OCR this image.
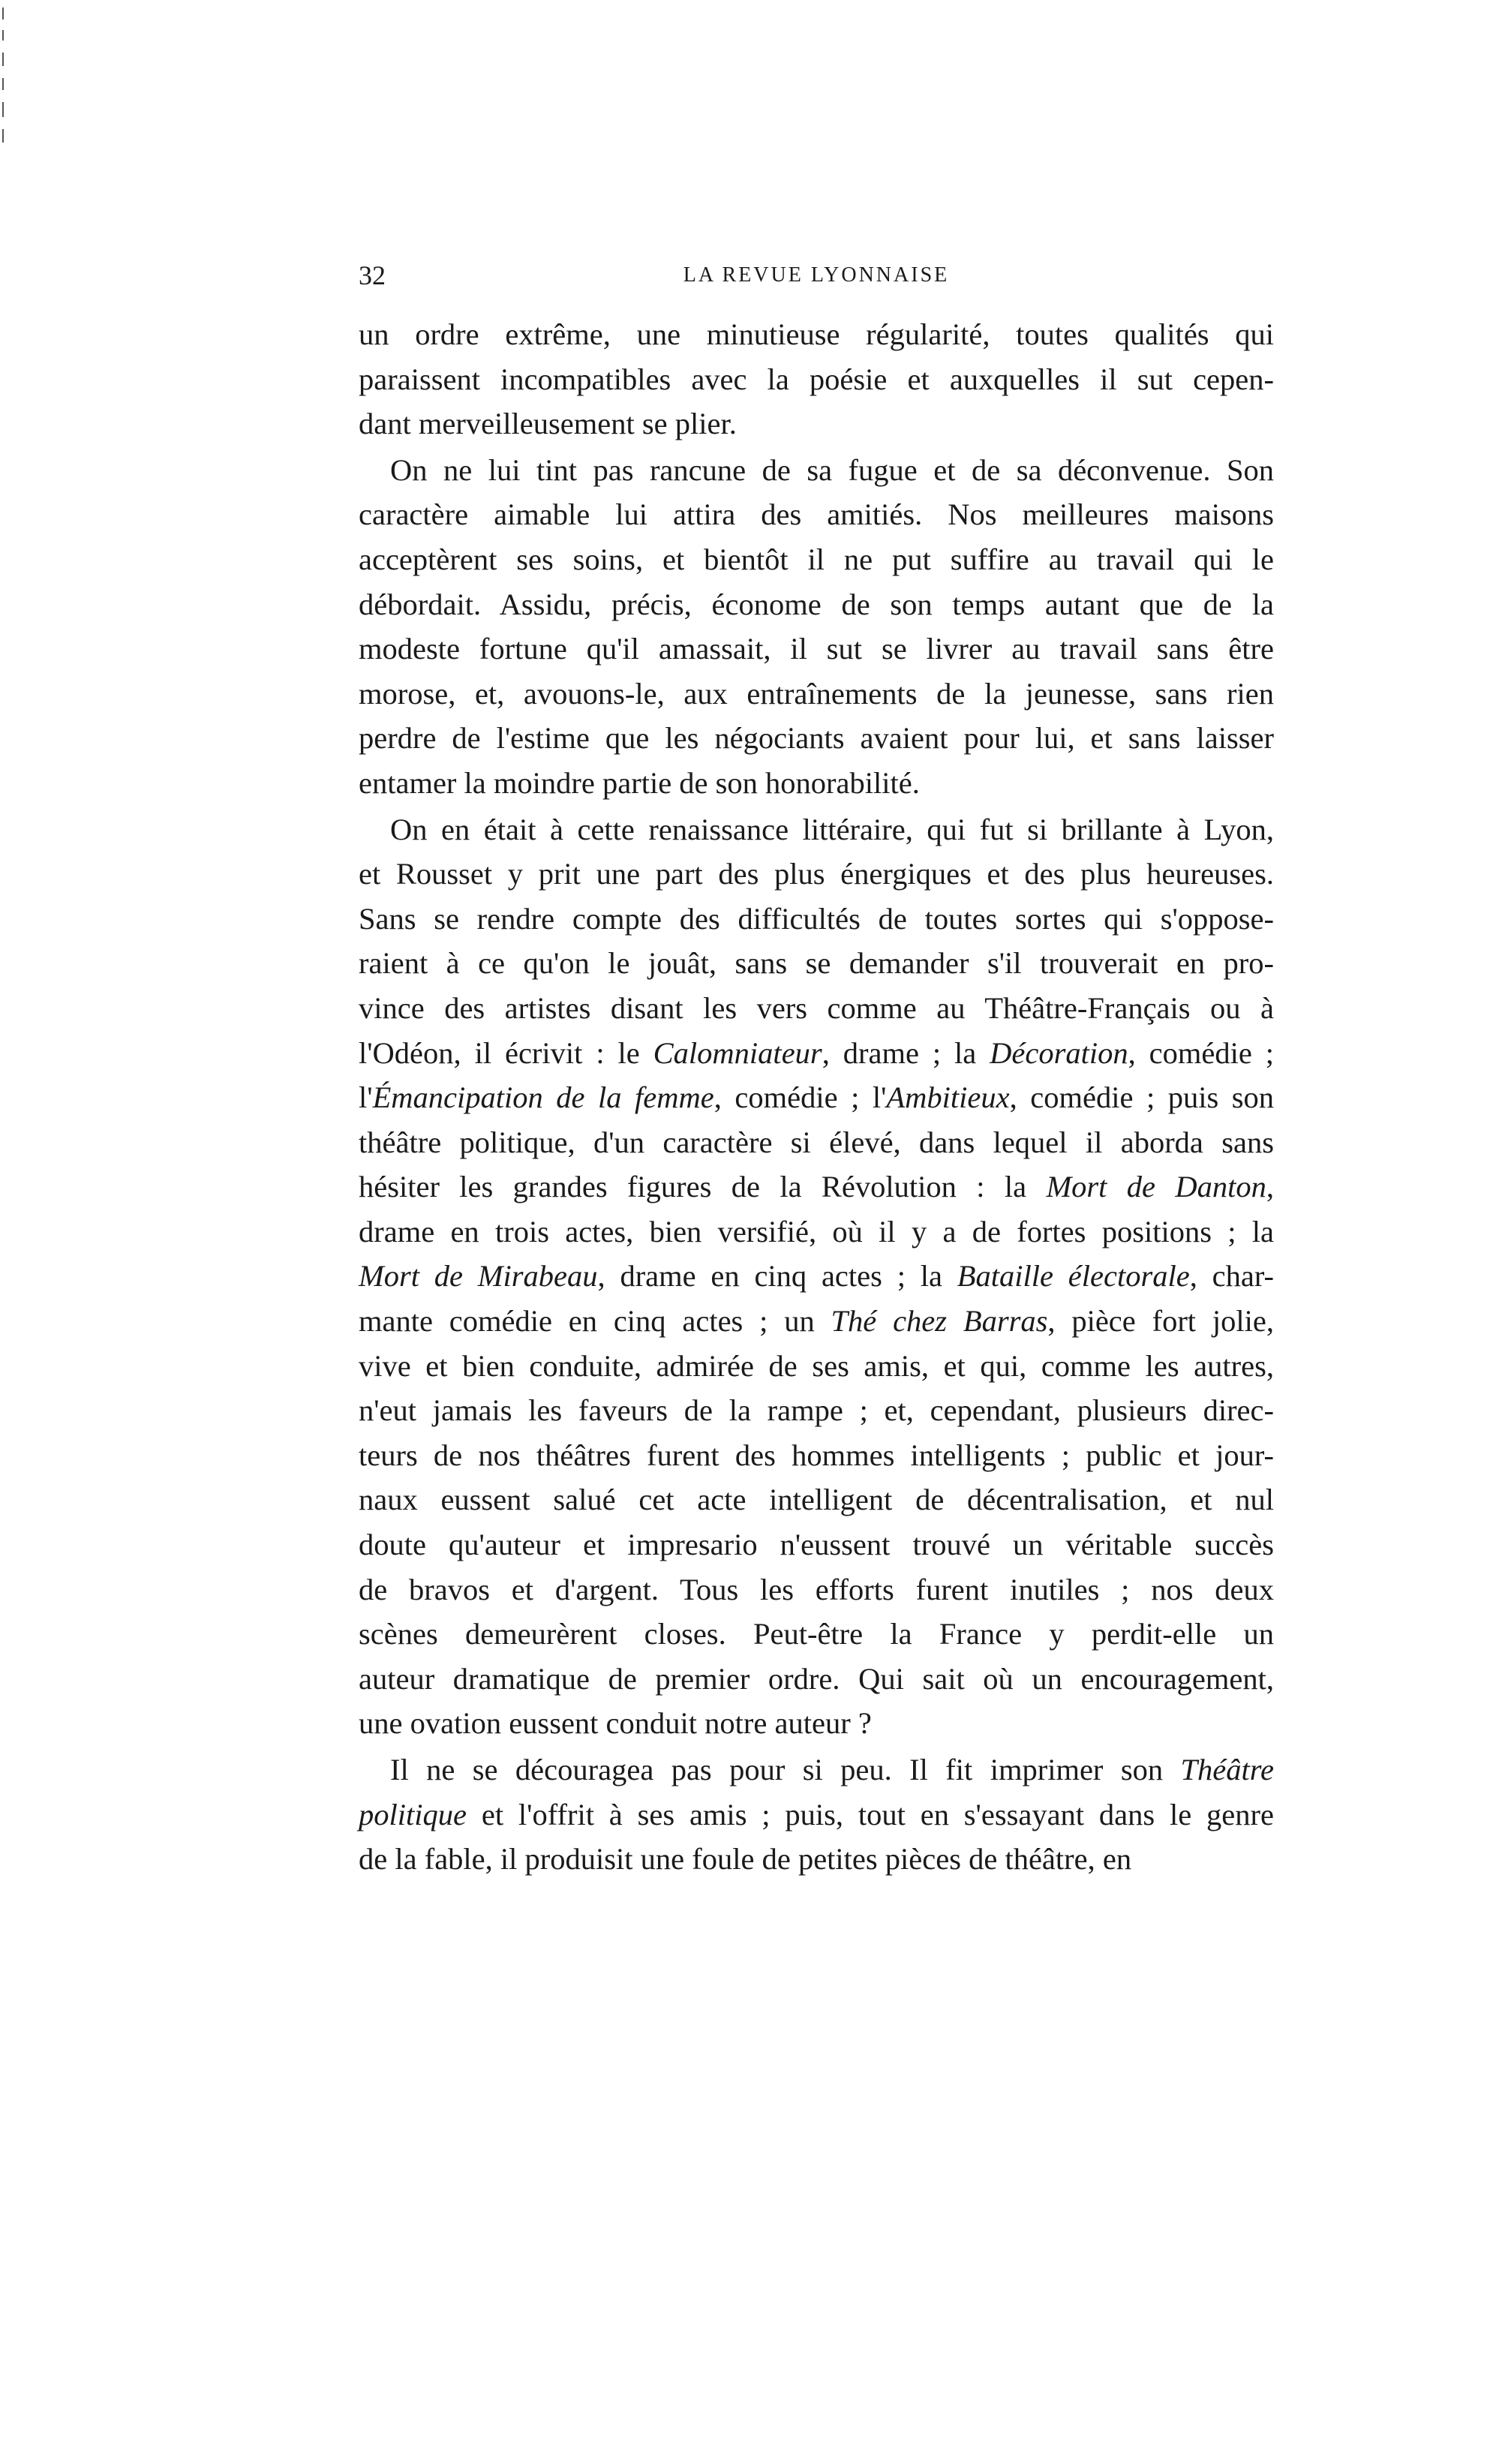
32	LA REVUE LYONNAISE

un ordre extrême, une minutieuse régularité, toutes qualités qui

paraissent incompatibles avec la poésie et auxquelles il sut cepen-

dant merveilleusement se plier.

On ne lui tint pas rancune de sa fugue et de sa déconvenue. Son

caractère aimable lui attira des amitiés. Nos meilleures maisons

acceptèrent ses soins, et bientôt il ne put suffire au travail qui le

débordait. Assidu, précis, économe de son temps autant que de la

modeste fortune qu'il amassait, il sut se livrer au travail sans être

morose, et, avouons-le, aux entraînements de la jeunesse, sans rien

perdre de l'estime que les négociants avaient pour lui, et sans laisser

entamer la moindre partie de son honorabilité.

On en était à cette renaissance littéraire, qui fut si brillante à Lyon,

et Rousset y prit une part des plus énergiques et des plus heureuses.

Sans se rendre compte des difficultés de toutes sortes qui s'oppose-

raient à ce qu'on le jouât, sans se demander s'il trouverait en pro-

vince des artistes disant les vers comme au Théâtre-Français ou à

l'Odéon, il écrivit : le Calomniateur, drame ; la Décoration, comédie ;

l'Émancipation de la femme, comédie ; l'Ambitieux, comédie ; puis son

théâtre politique, d'un caractère si élevé, dans lequel il aborda sans

hésiter les grandes figures de la Révolution : la Mort de Danton,

drame en trois actes, bien versifié, où il y a de fortes positions ; la

Mort de Mirabeau, drame en cinq actes ; la Bataille électorale, char-

mante comédie en cinq actes ; un Thé chez Barras, pièce fort jolie,

vive et bien conduite, admirée de ses amis, et qui, comme les autres,

n'eut jamais les faveurs de la rampe ; et, cependant, plusieurs direc-

teurs de nos théâtres furent des hommes intelligents ; public et jour-

naux eussent salué cet acte intelligent de décentralisation, et nul

doute qu'auteur et impresario n'eussent trouvé un véritable succès

de bravos et d'argent. Tous les efforts furent inutiles ; nos deux

scènes demeurèrent closes. Peut-être la France y perdit-elle un

auteur dramatique de premier ordre. Qui sait où un encouragement,

une ovation eussent conduit notre auteur ?

Il ne se découragea pas pour si peu. Il fit imprimer son Théâtre

politique et l'offrit à ses amis ; puis, tout en s'essayant dans le genre

de la fable, il produisit une foule de petites pièces de théâtre, en
